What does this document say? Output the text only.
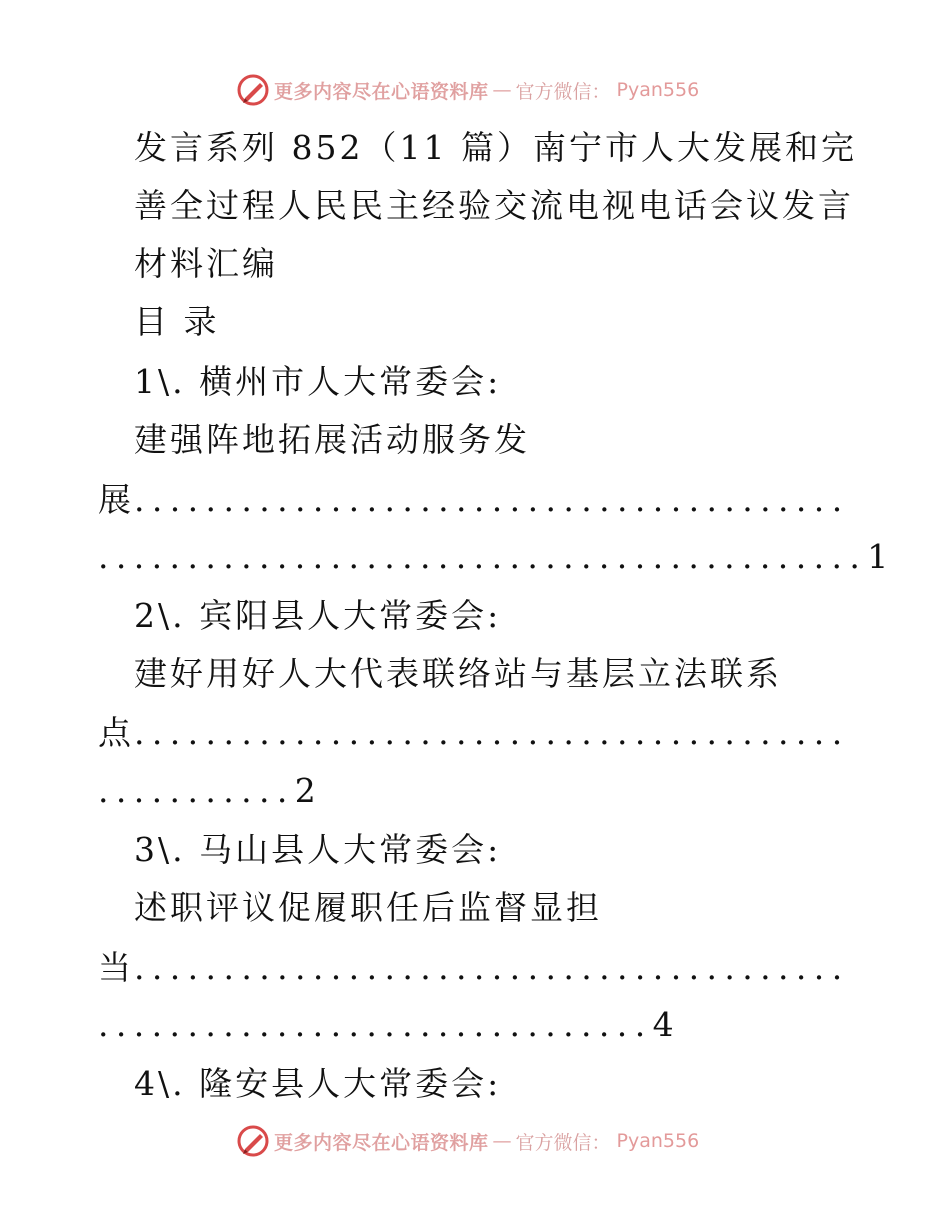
更多内容尽在心语资料库 — 官方微信： Pyan556
发言系列 852（11 篇）南宁市人大发展和完
善全过程人民民主经验交流电视电话会议发言
材料汇编
目 录
1\. 横州市人大常委会:
建强阵地拓展活动服务发
展........................................
...........................................1
2\. 宾阳县人大常委会:
建好用好人大代表联络站与基层立法联系
点........................................
...........2
3\. 马山县人大常委会:
述职评议促履职任后监督显担
当........................................
...............................4
4\. 隆安县人大常委会:
更多内容尽在心语资料库 — 官方微信： Pyan556
